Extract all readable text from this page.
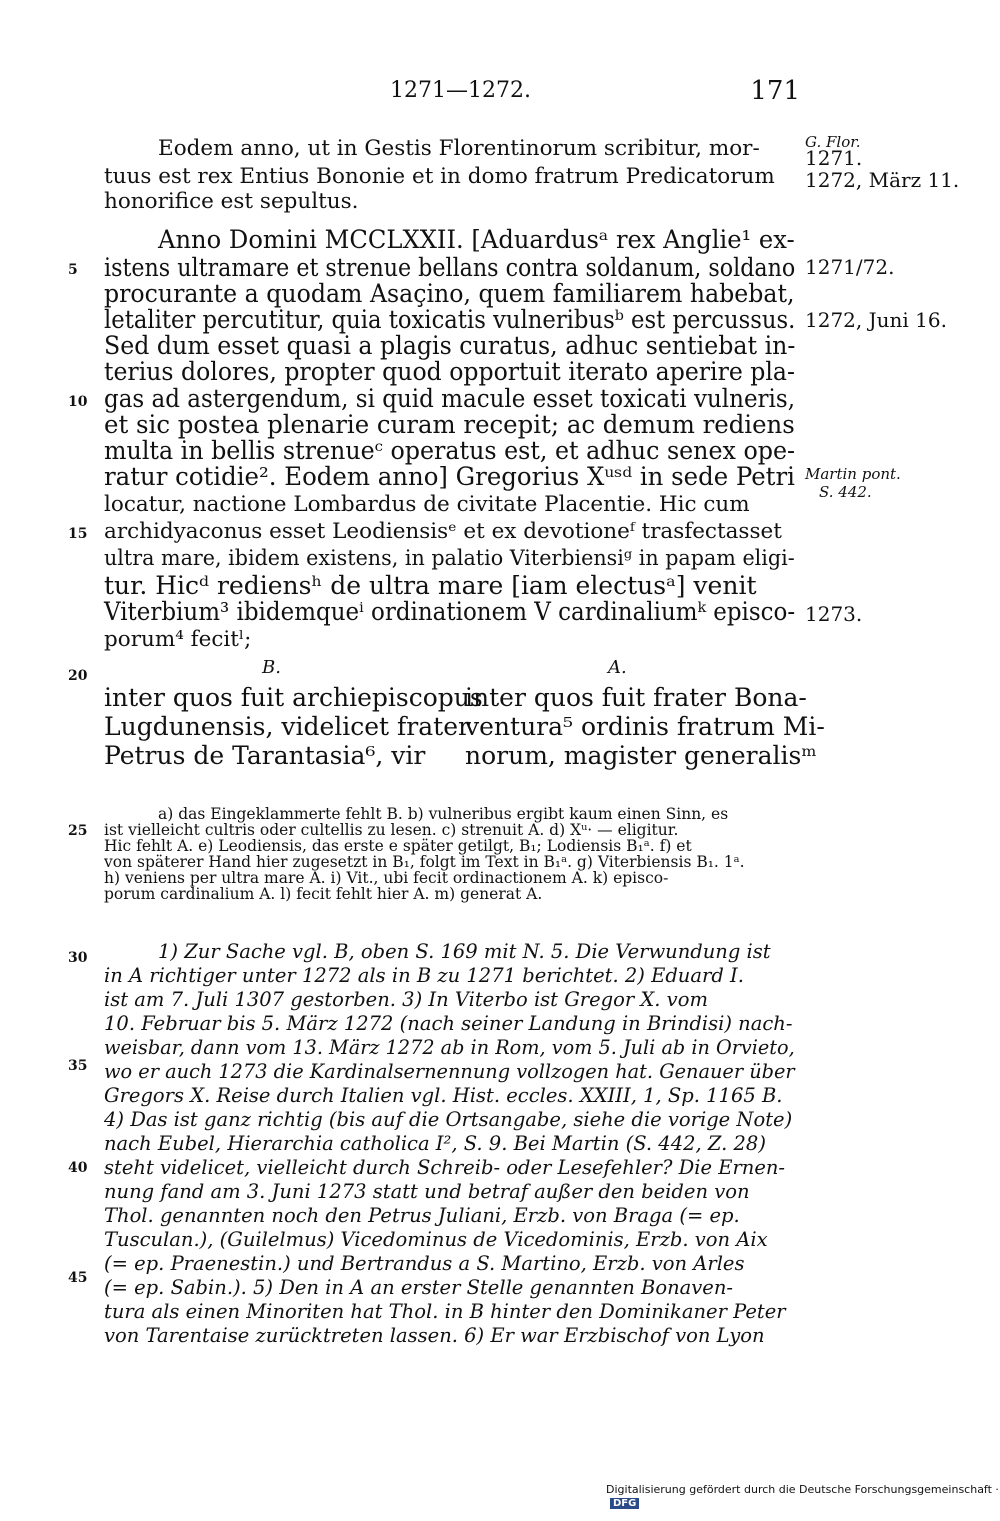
1271—1272.	171
Eodem anno, ut in Gestis Florentinorum scribitur, mor-
tuus est rex Entius Bononie et in domo fratrum Predicatorum
honorifice est sepultus.
Anno Domini MCCLXXII. [Aduardusᵃ rex Anglie¹ ex-
istens ultramare et strenue bellans contra soldanum, soldano
procurante a quodam Asaçino, quem familiarem habebat,
letaliter percutitur, quia toxicatis vulneribusᵇ est percussus.
Sed dum esset quasi a plagis curatus, adhuc sentiebat in-
terius dolores, propter quod opportuit iterato aperire pla-
gas ad astergendum, si quid macule esset toxicati vulneris,
et sic postea plenarie curam recepit; ac demum rediens
multa in bellis strenueᶜ operatus est, et adhuc senex ope-
ratur cotidie². Eodem anno] Gregorius Xᵘˢᵈ in sede Petri
locatur, nactione Lombardus de civitate Placentie. Hic cum
archidyaconus esset Leodiensisᵉ et ex devotioneᶠ trasfectasset
ultra mare, ibidem existens, in palatio Viterbiensiᵍ in papam eligi-
tur. Hicᵈ rediensʰ de ultra mare [iam electusᵃ] venit
Viterbium³ ibidemqueⁱ ordinationem V cardinaliumᵏ episco-
porum⁴ fecitˡ;
5
10
15
20
G. Flor.
1271.
1272, März 11.
1271/72.
1272, Juni 16.
Martin pont.
S. 442.
1273.
B.	A.
inter quos fuit archiepiscopus
Lugdunensis, videlicet frater
Petrus de Tarantasia⁶, vir
inter quos fuit frater Bona-
ventura⁵ ordinis fratrum Mi-
norum, magister generalisᵐ
25
a) das Eingeklammerte fehlt B. b) vulneribus ergibt kaum einen Sinn, es
ist vielleicht cultris oder cultellis zu lesen. c) strenuit A. d) Xᵘ· — eligitur.
Hic fehlt A. e) Leodiensis, das erste e später getilgt, B₁; Lodiensis B₁ᵃ. f) et
von späterer Hand hier zugesetzt in B₁, folgt im Text in B₁ᵃ. g) Viterbiensis B₁. 1ᵃ.
h) veniens per ultra mare A. i) Vit., ubi fecit ordinactionem A. k) episco-
porum cardinalium A. l) fecit fehlt hier A. m) generat A.
30
35
40
45
1) Zur Sache vgl. B, oben S. 169 mit N. 5. Die Verwundung ist
in A richtiger unter 1272 als in B zu 1271 berichtet. 2) Eduard I.
ist am 7. Juli 1307 gestorben. 3) In Viterbo ist Gregor X. vom
10. Februar bis 5. März 1272 (nach seiner Landung in Brindisi) nach-
weisbar, dann vom 13. März 1272 ab in Rom, vom 5. Juli ab in Orvieto,
wo er auch 1273 die Kardinalsernennung vollzogen hat. Genauer über
Gregors X. Reise durch Italien vgl. Hist. eccles. XXIII, 1, Sp. 1165 B.
4) Das ist ganz richtig (bis auf die Ortsangabe, siehe die vorige Note)
nach Eubel, Hierarchia catholica I², S. 9. Bei Martin (S. 442, Z. 28)
steht videlicet, vielleicht durch Schreib- oder Lesefehler? Die Ernen-
nung fand am 3. Juni 1273 statt und betraf außer den beiden von
Thol. genannten noch den Petrus Juliani, Erzb. von Braga (= ep.
Tusculan.), (Guilelmus) Vicedominus de Vicedominis, Erzb. von Aix
(= ep. Praenestin.) und Bertrandus a S. Martino, Erzb. von Arles
(= ep. Sabin.). 5) Den in A an erster Stelle genannten Bonaven-
tura als einen Minoriten hat Thol. in B hinter den Dominikaner Peter
von Tarentaise zurücktreten lassen. 6) Er war Erzbischof von Lyon
Digitalisierung gefördert durch die Deutsche Forschungsgemeinschaft · DFG
